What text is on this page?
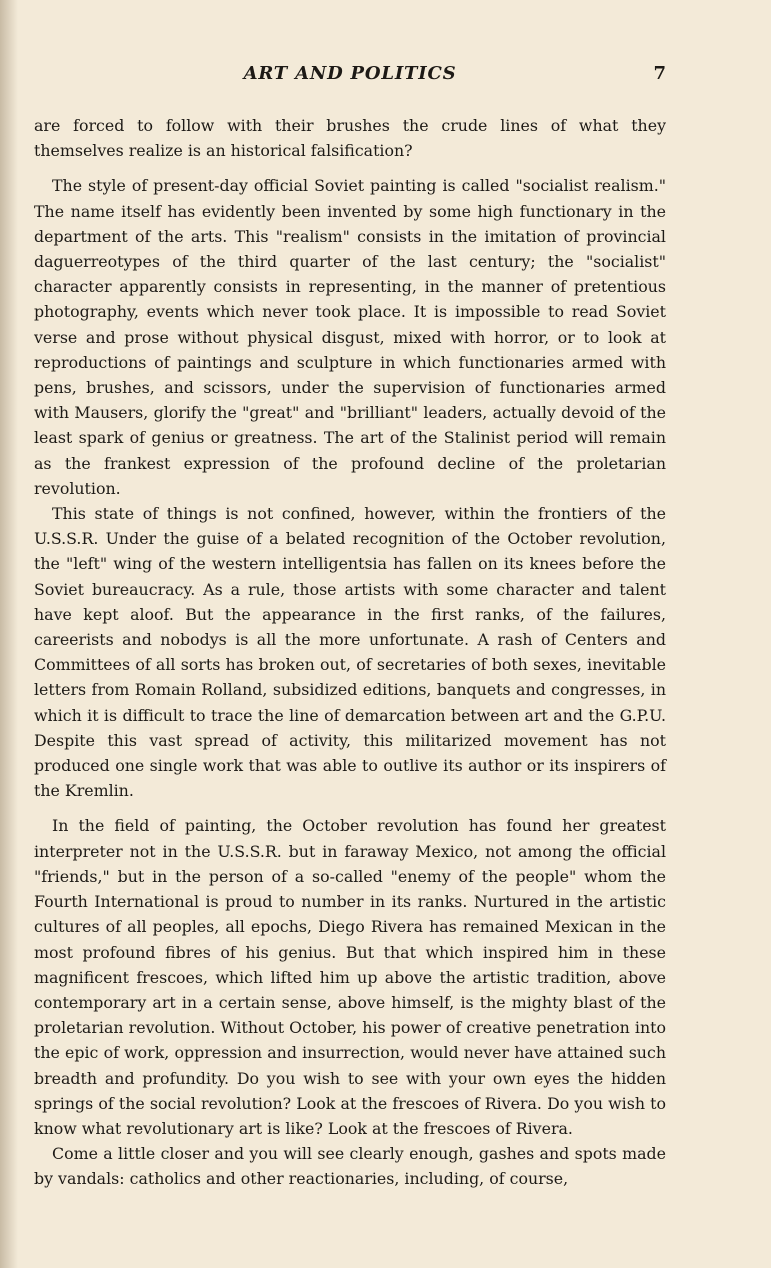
ART AND POLITICS	7

are forced to follow with their brushes the crude lines of what they themselves realize is an historical falsification?

The style of present-day official Soviet painting is called "socialist realism." The name itself has evidently been invented by some high functionary in the department of the arts. This "realism" consists in the imitation of provincial daguerreotypes of the third quarter of the last century; the "socialist" character apparently consists in representing, in the manner of pretentious photography, events which never took place. It is impossible to read Soviet verse and prose without physical disgust, mixed with horror, or to look at reproductions of paintings and sculpture in which functionaries armed with pens, brushes, and scissors, under the supervision of functionaries armed with Mausers, glorify the "great" and "brilliant" leaders, actually devoid of the least spark of genius or greatness. The art of the Stalinist period will remain as the frankest expression of the profound decline of the proletarian revolution.

This state of things is not confined, however, within the frontiers of the U.S.S.R. Under the guise of a belated recognition of the October revolution, the "left" wing of the western intelligentsia has fallen on its knees before the Soviet bureaucracy. As a rule, those artists with some character and talent have kept aloof. But the appearance in the first ranks, of the failures, careerists and nobodys is all the more unfortunate. A rash of Centers and Committees of all sorts has broken out, of secretaries of both sexes, inevitable letters from Romain Rolland, subsidized editions, banquets and congresses, in which it is difficult to trace the line of demarcation between art and the G.P.U. Despite this vast spread of activity, this militarized movement has not produced one single work that was able to outlive its author or its inspirers of the Kremlin.

In the field of painting, the October revolution has found her greatest interpreter not in the U.S.S.R. but in faraway Mexico, not among the official "friends," but in the person of a so-called "enemy of the people" whom the Fourth International is proud to number in its ranks. Nurtured in the artistic cultures of all peoples, all epochs, Diego Rivera has remained Mexican in the most profound fibres of his genius. But that which inspired him in these magnificent frescoes, which lifted him up above the artistic tradition, above contemporary art in a certain sense, above himself, is the mighty blast of the proletarian revolution. Without October, his power of creative penetration into the epic of work, oppression and insurrection, would never have attained such breadth and profundity. Do you wish to see with your own eyes the hidden springs of the social revolution? Look at the frescoes of Rivera. Do you wish to know what revolutionary art is like? Look at the frescoes of Rivera.

Come a little closer and you will see clearly enough, gashes and spots made by vandals: catholics and other reactionaries, including, of course,
